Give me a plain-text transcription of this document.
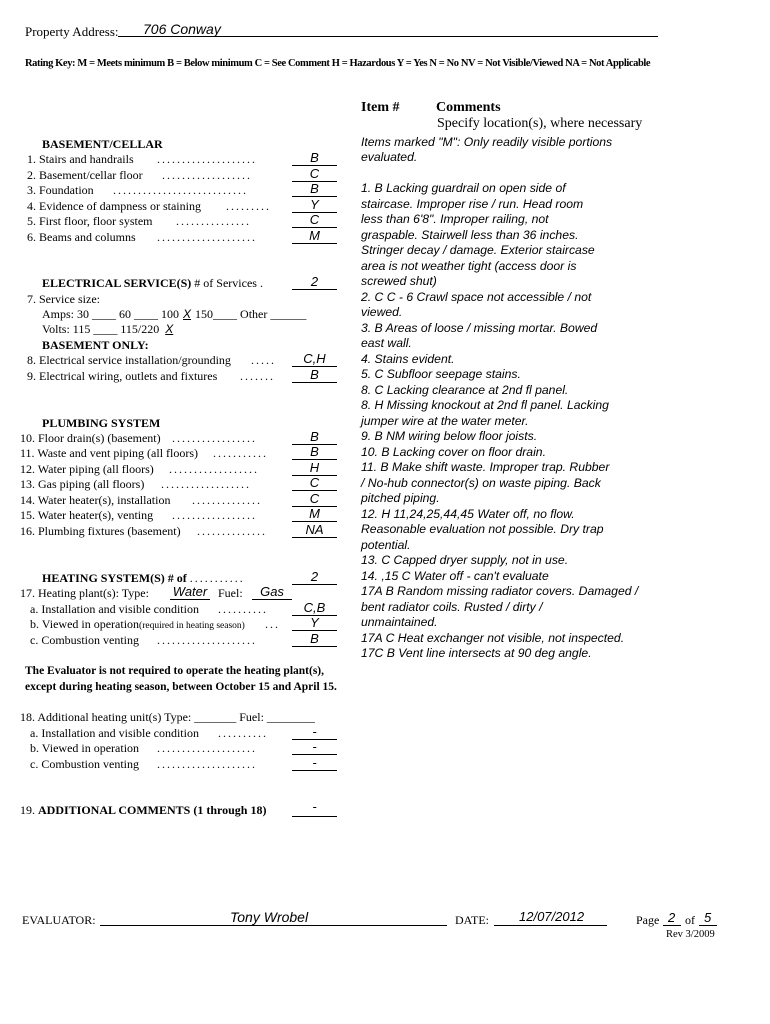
Property Address: 706 Conway
Rating Key: M = Meets minimum B = Below minimum C = See Comment H = Hazardous Y = Yes N = No NV = Not Visible/Viewed NA = Not Applicable
Item #	Comments
Specify location(s), where necessary
BASEMENT/CELLAR
1. Stairs and handrails ....................	B
2. Basement/cellar floor ..................	C
3. Foundation ...........................	B
4. Evidence of dampness or staining .........	Y
5. First floor, floor system ...............	C
6. Beams and columns ....................	M
ELECTRICAL SERVICE(S) # of Services .	2
7. Service size:
Amps: 30 ____ 60 ____ 100 X 150____ Other ______
Volts: 115 ____ 115/220 X
BASEMENT ONLY:
8. Electrical service installation/grounding .....	C,H
9. Electrical wiring, outlets and fixtures .......	B
PLUMBING SYSTEM
10. Floor drain(s) (basement) .................	B
11. Waste and vent piping (all floors) ...........	B
12. Water piping (all floors) ..................	H
13. Gas piping (all floors) ..................	C
14. Water heater(s), installation ..............	C
15. Water heater(s), venting .................	M
16. Plumbing fixtures (basement) ..............	NA
HEATING SYSTEM(S) # of ...........	2
17. Heating plant(s): Type: Water Fuel:	Gas
a. Installation and visible condition ..........	C,B
b. Viewed in operation(required in heating season) ...	Y
c. Combustion venting ....................	B
The Evaluator is not required to operate the heating plant(s),
except during heating season, between October 15 and April 15.
18. Additional heating unit(s) Type: _______ Fuel: ________
a. Installation and visible condition ..........	-
b. Viewed in operation ....................	-
c. Combustion venting ....................	-
19. ADDITIONAL COMMENTS (1 through 18)	-
Items marked "M": Only readily visible portions
evaluated.
1. B Lacking guardrail on open side of
staircase. Improper rise / run. Head room
less than 6'8". Improper railing, not
graspable. Stairwell less than 36 inches.
Stringer decay / damage. Exterior staircase
area is not weather tight (access door is
screwed shut)
2. C C - 6 Crawl space not accessible / not
viewed.
3. B Areas of loose / missing mortar. Bowed
east wall.
4. Stains evident.
5. C Subfloor seepage stains.
8. C Lacking clearance at 2nd fl panel.
8. H Missing knockout at 2nd fl panel. Lacking
jumper wire at the water meter.
9. B NM wiring below floor joists.
10. B Lacking cover on floor drain.
11. B Make shift waste. Improper trap. Rubber
/ No-hub connector(s) on waste piping. Back
pitched piping.
12. H 11,24,25,44,45 Water off, no flow.
Reasonable evaluation not possible. Dry trap
potential.
13. C Capped dryer supply, not in use.
14. ,15 C Water off - can't evaluate
17A B Random missing radiator covers. Damaged /
bent radiator coils. Rusted / dirty /
unmaintained.
17A C Heat exchanger not visible, not inspected.
17C B Vent line intersects at 90 deg angle.
EVALUATOR:	Tony Wrobel	DATE: 12/07/2012	Page 2 of 5
Rev 3/2009
